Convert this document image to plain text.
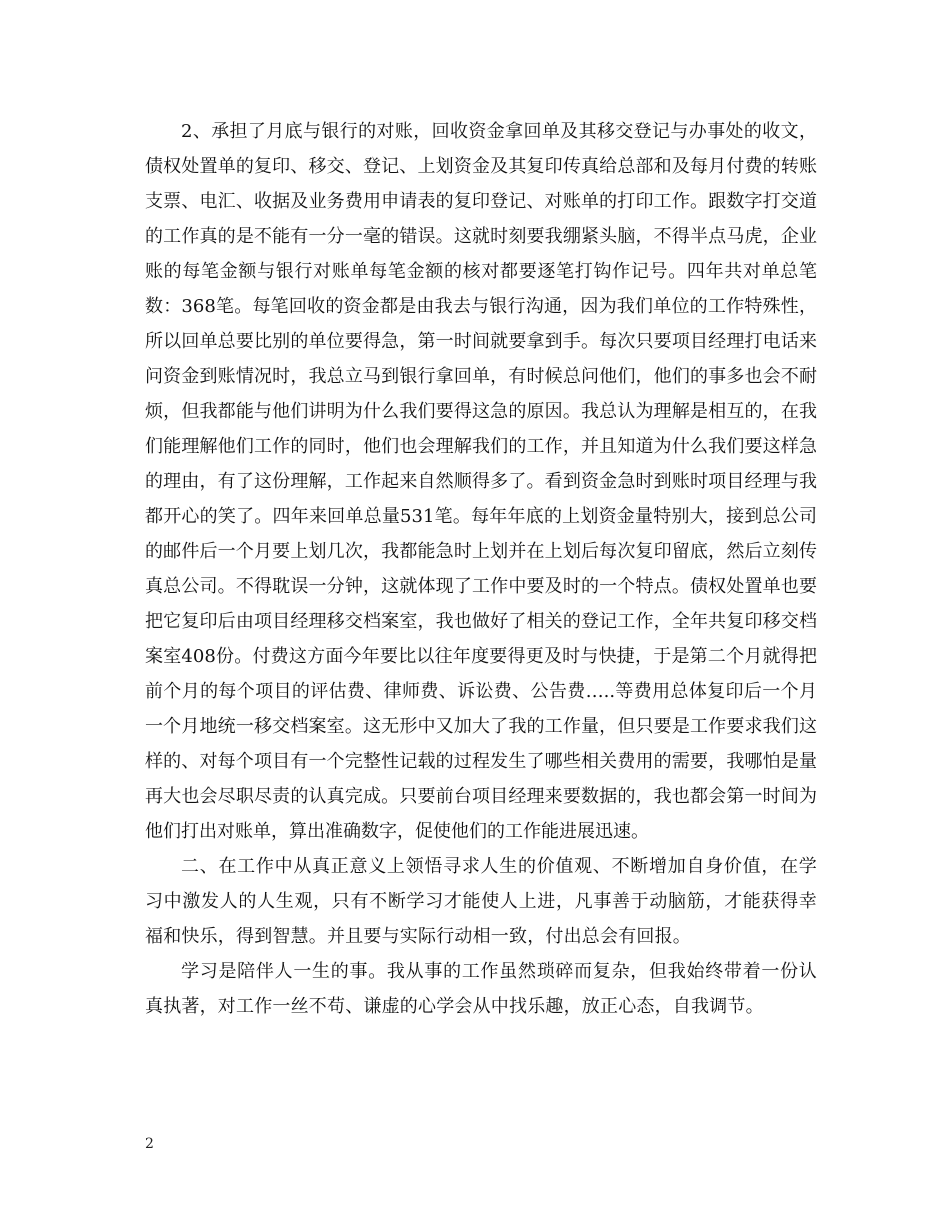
2、承担了月底与银行的对账，回收资金拿回单及其移交登记与办事处的收文，债权处置单的复印、移交、登记、上划资金及其复印传真给总部和及每月付费的转账支票、电汇、收据及业务费用申请表的复印登记、对账单的打印工作。跟数字打交道的工作真的是不能有一分一毫的错误。这就时刻要我绷紧头脑，不得半点马虎，企业账的每笔金额与银行对账单每笔金额的核对都要逐笔打钩作记号。四年共对单总笔数：368笔。每笔回收的资金都是由我去与银行沟通，因为我们单位的工作特殊性，所以回单总要比别的单位要得急，第一时间就要拿到手。每次只要项目经理打电话来问资金到账情况时，我总立马到银行拿回单，有时候总问他们，他们的事多也会不耐烦，但我都能与他们讲明为什么我们要得这急的原因。我总认为理解是相互的，在我们能理解他们工作的同时，他们也会理解我们的工作，并且知道为什么我们要这样急的理由，有了这份理解，工作起来自然顺得多了。看到资金急时到账时项目经理与我都开心的笑了。四年来回单总量531笔。每年年底的上划资金量特别大，接到总公司的邮件后一个月要上划几次，我都能急时上划并在上划后每次复印留底，然后立刻传真总公司。不得耽误一分钟，这就体现了工作中要及时的一个特点。债权处置单也要把它复印后由项目经理移交档案室，我也做好了相关的登记工作，全年共复印移交档案室408份。付费这方面今年要比以往年度要得更及时与快捷，于是第二个月就得把前个月的每个项目的评估费、律师费、诉讼费、公告费…..等费用总体复印后一个月一个月地统一移交档案室。这无形中又加大了我的工作量，但只要是工作要求我们这样的、对每个项目有一个完整性记载的过程发生了哪些相关费用的需要，我哪怕是量再大也会尽职尽责的认真完成。只要前台项目经理来要数据的，我也都会第一时间为他们打出对账单，算出准确数字，促使他们的工作能进展迅速。

二、在工作中从真正意义上领悟寻求人生的价值观、不断增加自身价值，在学习中激发人的人生观，只有不断学习才能使人上进，凡事善于动脑筋，才能获得幸福和快乐，得到智慧。并且要与实际行动相一致，付出总会有回报。

学习是陪伴人一生的事。我从事的工作虽然琐碎而复杂，但我始终带着一份认真执著，对工作一丝不苟、谦虚的心学会从中找乐趣，放正心态，自我调节。

2
